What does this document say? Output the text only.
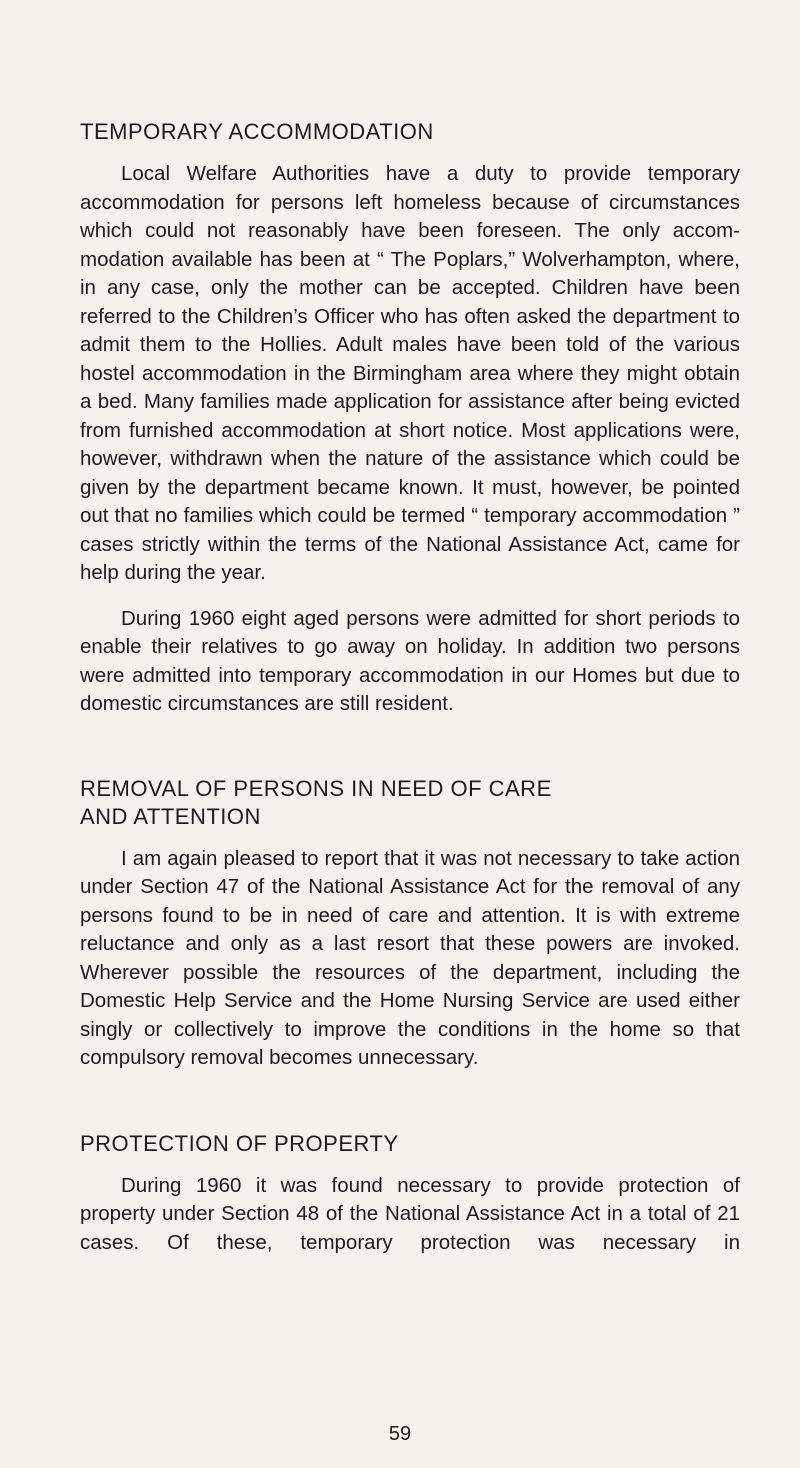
TEMPORARY ACCOMMODATION

Local Welfare Authorities have a duty to provide temporary accommodation for persons left homeless because of circumstances which could not reasonably have been foreseen. The only accommodation available has been at “ The Poplars,” Wolverhampton, where, in any case, only the mother can be accepted. Children have been referred to the Children’s Officer who has often asked the department to admit them to the Hollies. Adult males have been told of the various hostel accommodation in the Birmingham area where they might obtain a bed. Many families made application for assistance after being evicted from furnished accommodation at short notice. Most applications were, however, withdrawn when the nature of the assistance which could be given by the department became known. It must, however, be pointed out that no families which could be termed “ temporary accommodation ” cases strictly within the terms of the National Assistance Act, came for help during the year.

During 1960 eight aged persons were admitted for short periods to enable their relatives to go away on holiday. In addition two persons were admitted into temporary accommodation in our Homes but due to domestic circumstances are still resident.

REMOVAL OF PERSONS IN NEED OF CARE
AND ATTENTION

I am again pleased to report that it was not necessary to take action under Section 47 of the National Assistance Act for the removal of any persons found to be in need of care and attention. It is with extreme reluctance and only as a last resort that these powers are invoked. Wherever possible the resources of the department, including the Domestic Help Service and the Home Nursing Service are used either singly or collectively to improve the conditions in the home so that compulsory removal becomes unnecessary.

PROTECTION OF PROPERTY

During 1960 it was found necessary to provide protection of property under Section 48 of the National Assistance Act in a total of 21 cases. Of these, temporary protection was necessary in

59
